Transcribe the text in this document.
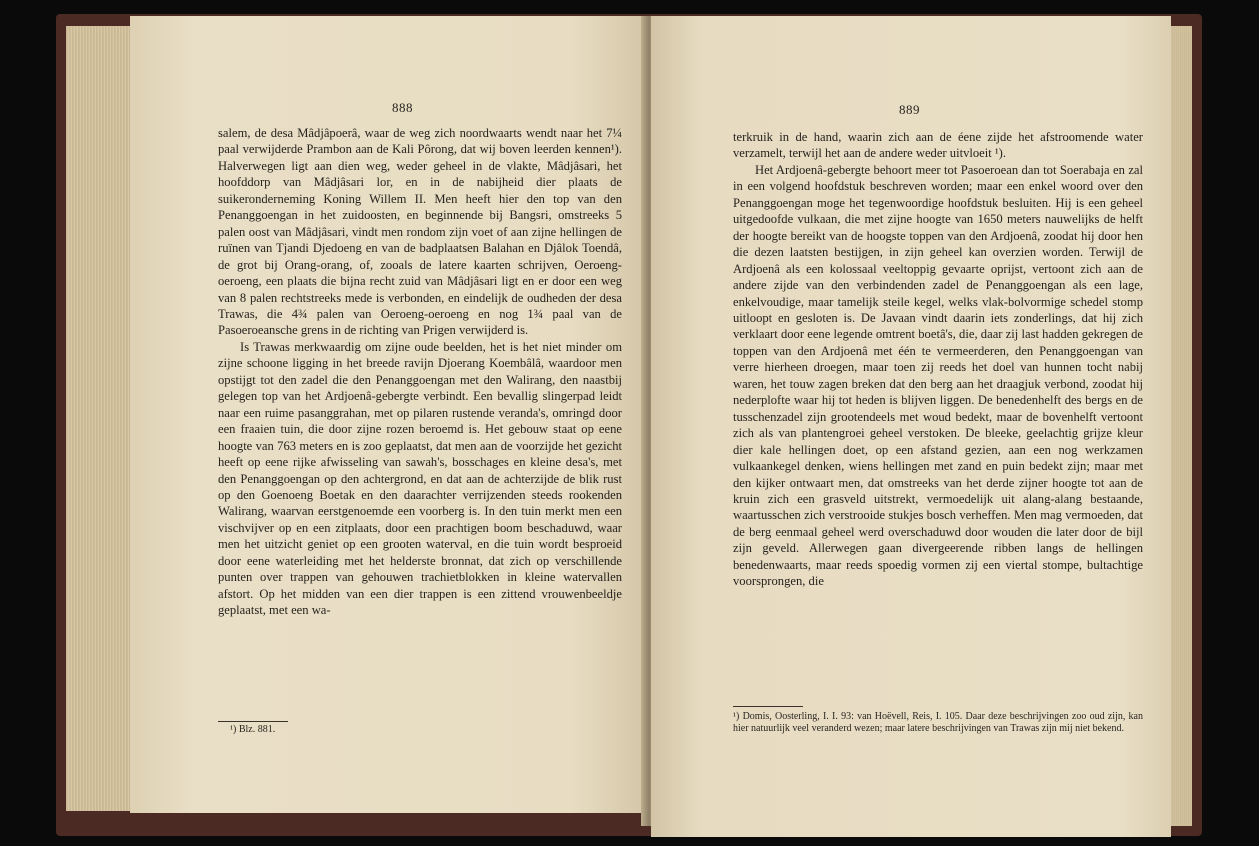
888

salem, de desa Mâdjâpoerâ, waar de weg zich noordwaarts wendt naar het 7¼ paal verwijderde Prambon aan de Kali Pôrong, dat wij boven leerden kennen¹). Halverwegen ligt aan dien weg, weder geheel in de vlakte, Mâdjâsari, het hoofddorp van Mâdjâsari lor, en in de nabijheid dier plaats de suikeronderneming Koning Willem II. Men heeft hier den top van den Penanggoengan in het zuidoosten, en beginnende bij Bangsri, omstreeks 5 palen oost van Mâdjâsari, vindt men rondom zijn voet of aan zijne hellingen de ruïnen van Tjandi Djedoeng en van de badplaatsen Balahan en Djâlok Toendâ, de grot bij Orang-orang, of, zooals de latere kaarten schrijven, Oeroeng-oeroeng, een plaats die bijna recht zuid van Mâdjâsari ligt en er door een weg van 8 palen rechtstreeks mede is verbonden, en eindelijk de oudheden der desa Trawas, die 4¾ palen van Oeroeng-oeroeng en nog 1¾ paal van de Pasoeroeansche grens in de richting van Prigen verwijderd is.

Is Trawas merkwaardig om zijne oude beelden, het is het niet minder om zijne schoone ligging in het breede ravijn Djoerang Koembâlâ, waardoor men opstijgt tot den zadel die den Penanggoengan met den Walirang, den naastbij gelegen top van het Ardjoenâ-gebergte verbindt. Een bevallig slingerpad leidt naar een ruime pasanggrahan, met op pilaren rustende veranda's, omringd door een fraaien tuin, die door zijne rozen beroemd is. Het gebouw staat op eene hoogte van 763 meters en is zoo geplaatst, dat men aan de voorzijde het gezicht heeft op eene rijke afwisseling van sawah's, bosschages en kleine desa's, met den Penanggoengan op den achtergrond, en dat aan de achterzijde de blik rust op den Goenoeng Boetak en den daarachter verrijzenden steeds rookenden Walirang, waarvan eerstgenoemde een voorberg is. In den tuin merkt men een vischvijver op en een zitplaats, door een prachtigen boom beschaduwd, waar men het uitzicht geniet op een grooten waterval, en die tuin wordt besproeid door eene waterleiding met het helderste bronnat, dat zich op verschillende punten over trappen van gehouwen trachietblokken in kleine watervallen afstort. Op het midden van een dier trappen is een zittend vrouwenbeeldje geplaatst, met een wa-

¹) Blz. 881.
889

terkruik in de hand, waarin zich aan de éene zijde het afstroomende water verzamelt, terwijl het aan de andere weder uitvloeit ¹).

Het Ardjoenâ-gebergte behoort meer tot Pasoeroean dan tot Soerabaja en zal in een volgend hoofdstuk beschreven worden; maar een enkel woord over den Penanggoengan moge het tegenwoordige hoofdstuk besluiten. Hij is een geheel uitgedoofde vulkaan, die met zijne hoogte van 1650 meters nauwelijks de helft der hoogte bereikt van de hoogste toppen van den Ardjoenâ, zoodat hij door hen die dezen laatsten bestijgen, in zijn geheel kan overzien worden. Terwijl de Ardjoenâ als een kolossaal veeltoppig gevaarte oprijst, vertoont zich aan de andere zijde van den verbindenden zadel de Penanggoengan als een lage, enkelvoudige, maar tamelijk steile kegel, welks vlak-bolvormige schedel stomp uitloopt en gesloten is. De Javaan vindt daarin iets zonderlings, dat hij zich verklaart door eene legende omtrent boetâ's, die, daar zij last hadden gekregen de toppen van den Ardjoenâ met één te vermeerderen, den Penanggoengan van verre hierheen droegen, maar toen zij reeds het doel van hunnen tocht nabij waren, het touw zagen breken dat den berg aan het draagjuk verbond, zoodat hij nederplofte waar hij tot heden is blijven liggen. De benedenhelft des bergs en de tusschenzadel zijn grootendeels met woud bedekt, maar de bovenhelft vertoont zich als van plantengroei geheel verstoken. De bleeke, geelachtig grijze kleur dier kale hellingen doet, op een afstand gezien, aan een nog werkzamen vulkaankegel denken, wiens hellingen met zand en puin bedekt zijn; maar met den kijker ontwaart men, dat omstreeks van het derde zijner hoogte tot aan de kruin zich een grasveld uitstrekt, vermoedelijk uit alang-alang bestaande, waartusschen zich verstrooide stukjes bosch verheffen. Men mag vermoeden, dat de berg eenmaal geheel werd overschaduwd door wouden die later door de bijl zijn geveld. Allerwegen gaan divergeerende ribben langs de hellingen benedenwaarts, maar reeds spoedig vormen zij een viertal stompe, bultachtige voorsprongen, die

¹) Domis, Oosterling, I. I. 93: van Hoëvell, Reis, I. 105. Daar deze beschrijvingen zoo oud zijn, kan hier natuurlijk veel veranderd wezen; maar latere beschrijvingen van Trawas zijn mij niet bekend.
